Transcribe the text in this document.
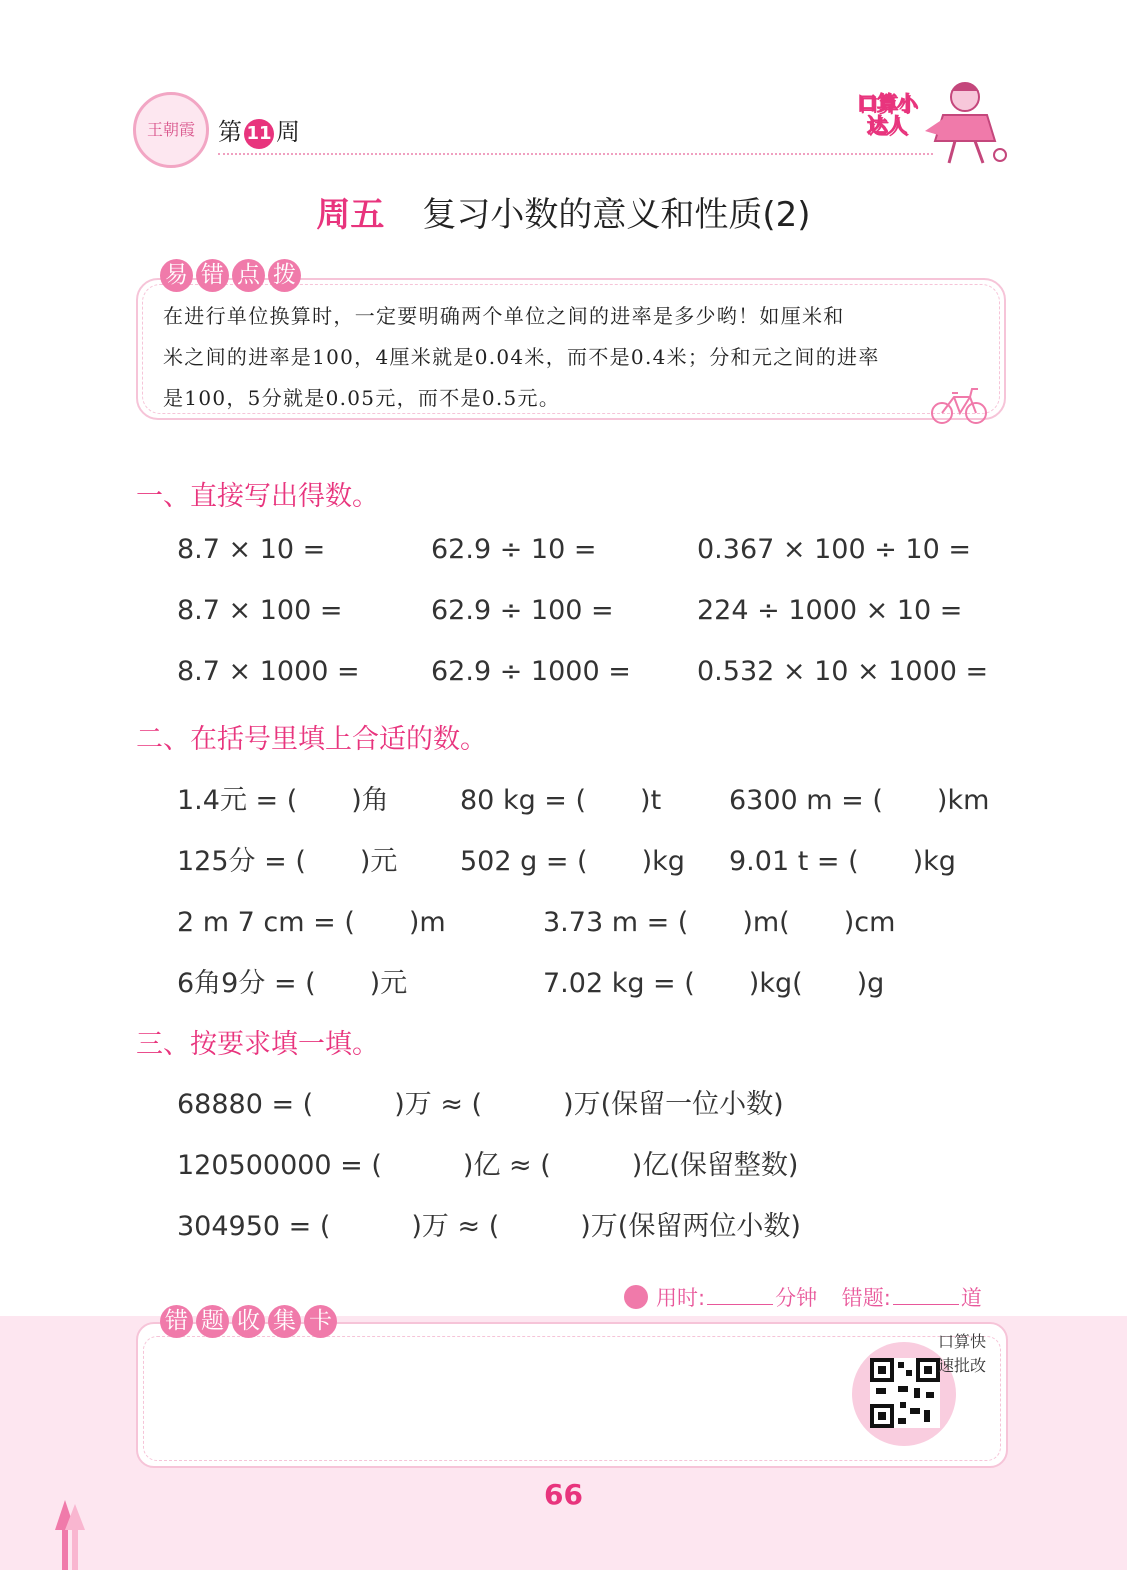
王朝霞 第 11 周
口算小达人
周五 复习小数的意义和性质(2)
易 错 点 拨
在进行单位换算时，一定要明确两个单位之间的进率是多少哟！如厘米和
米之间的进率是100，4厘米就是0.04米，而不是0.4米；分和元之间的进率
是100，5分就是0.05元，而不是0.5元。
一、直接写出得数。
8.7 × 10 =	62.9 ÷ 10 =	0.367 × 100 ÷ 10 =
8.7 × 100 =	62.9 ÷ 100 =	224 ÷ 1000 × 10 =
8.7 × 1000 =	62.9 ÷ 1000 = 0.532 × 10 × 1000 =
二、在括号里填上合适的数。
1.4元 = (　　)角	80 kg = (　　)t	6300 m = (　　)km
125分 = (　　)元 502 g = (　　)kg 9.01 t = (　　)kg
2 m 7 cm = (　　)m	3.73 m = (　　)m(　　)cm
6角9分 = (　　)元	7.02 kg = (　　)kg(　　)g
三、按要求填一填。
68880 = (　　　)万 ≈ (　　　)万(保留一位小数)
120500000 = (　　　)亿 ≈ (　　　)亿(保留整数)
304950 = (　　　)万 ≈ (　　　)万(保留两位小数)
用时:	分钟 错题:	道
错 题 收 集 卡
口算快速批改
66
